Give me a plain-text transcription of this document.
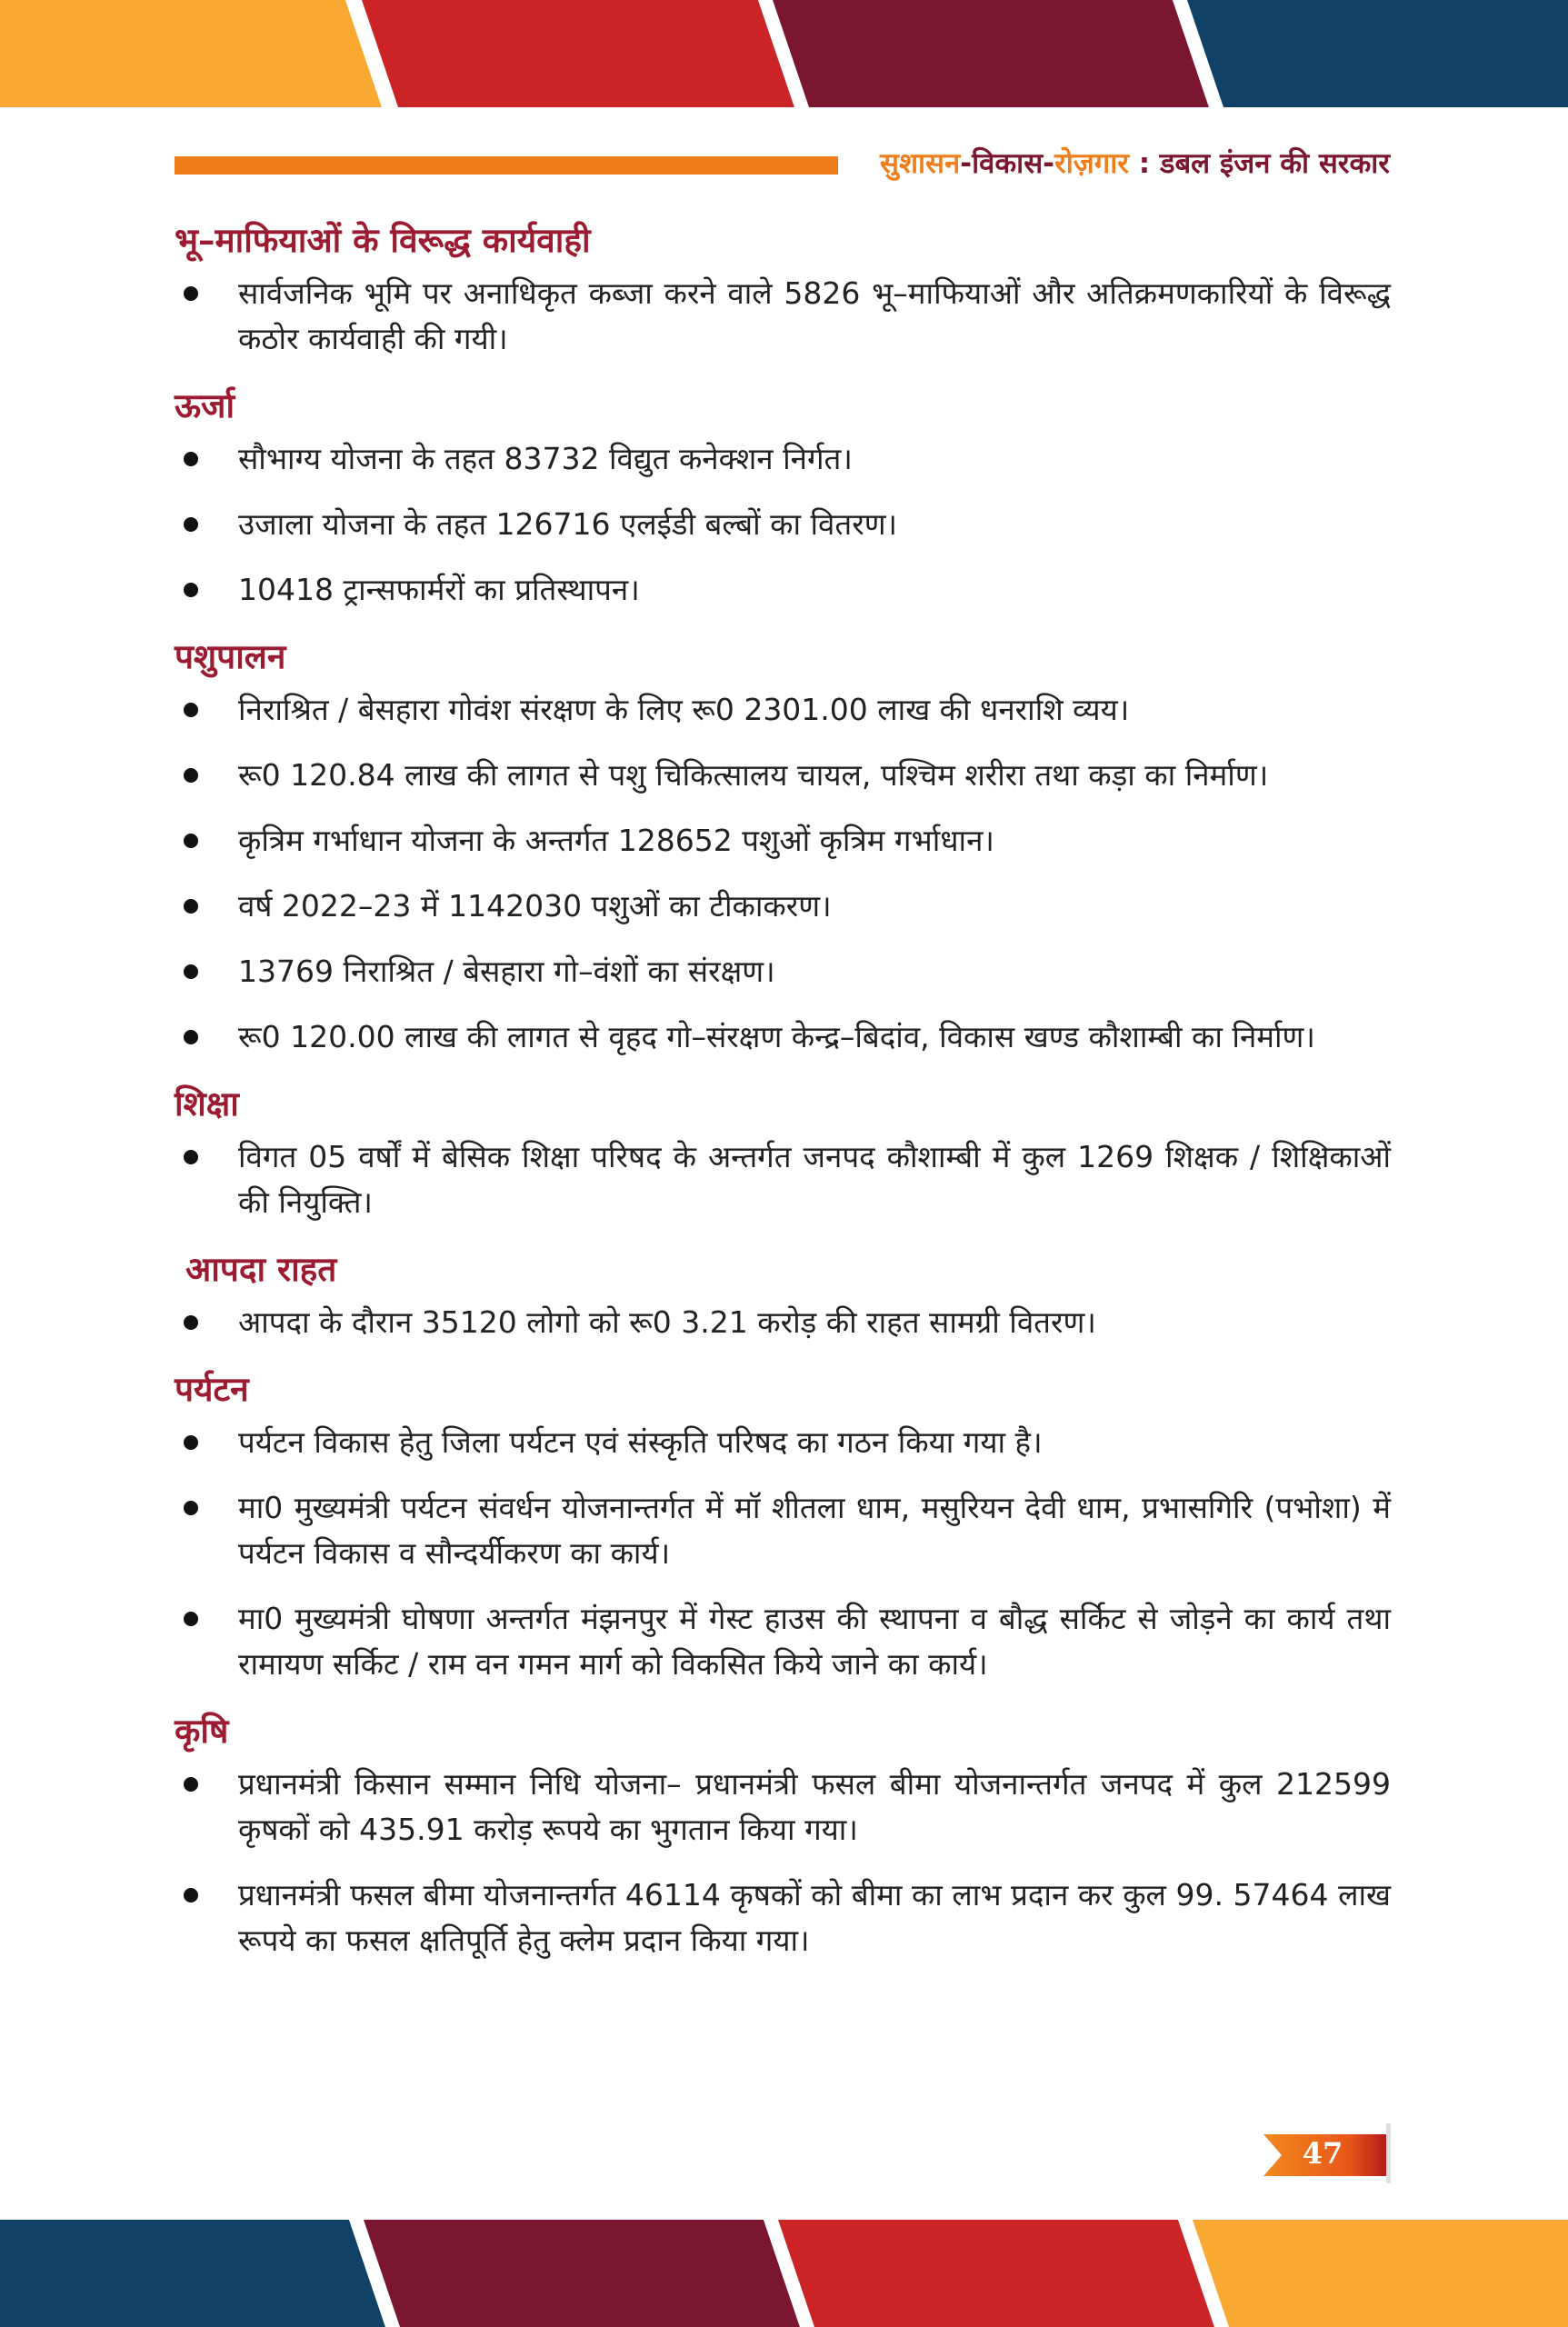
सुशासन-विकास-रोज़गार : डबल इंजन की सरकार
भू–माफियाओं के विरूद्ध कार्यवाही
सार्वजनिक भूमि पर अनाधिकृत कब्जा करने वाले 5826 भू–माफियाओं और अतिक्रमणकारियों के विरूद्ध कठोर कार्यवाही की गयी।
ऊर्जा
सौभाग्य योजना के तहत 83732 विद्युत कनेक्शन निर्गत।
उजाला योजना के तहत 126716 एलईडी बल्बों का वितरण।
10418 ट्रान्सफार्मरों का प्रतिस्थापन।
पशुपालन
निराश्रित / बेसहारा गोवंश संरक्षण के लिए रू0 2301.00 लाख की धनराशि व्यय।
रू0 120.84 लाख की लागत से पशु चिकित्सालय चायल, पश्चिम शरीरा तथा कड़ा का निर्माण।
कृत्रिम गर्भाधान योजना के अन्तर्गत 128652 पशुओं कृत्रिम गर्भाधान।
वर्ष 2022–23 में 1142030 पशुओं का टीकाकरण।
13769 निराश्रित / बेसहारा गो–वंशों का संरक्षण।
रू0 120.00 लाख की लागत से वृहद गो–संरक्षण केन्द्र–बिदांव, विकास खण्ड कौशाम्बी का निर्माण।
शिक्षा
विगत 05 वर्षों में बेसिक शिक्षा परिषद के अन्तर्गत जनपद कौशाम्बी में कुल 1269 शिक्षक / शिक्षिकाओं की नियुक्ति।
आपदा राहत
आपदा के दौरान 35120 लोगो को रू0 3.21 करोड़ की राहत सामग्री वितरण।
पर्यटन
पर्यटन विकास हेतु जिला पर्यटन एवं संस्कृति परिषद का गठन किया गया है।
मा0 मुख्यमंत्री पर्यटन संवर्धन योजनान्तर्गत में मॉ शीतला धाम, मसुरियन देवी धाम, प्रभासगिरि (पभोशा) में पर्यटन विकास व सौन्दर्यीकरण का कार्य।
मा0 मुख्यमंत्री घोषणा अन्तर्गत मंझनपुर में गेस्ट हाउस की स्थापना व बौद्ध सर्किट से जोड़ने का कार्य तथा रामायण सर्किट / राम वन गमन मार्ग को विकसित किये जाने का कार्य।
कृषि
प्रधानमंत्री किसान सम्मान निधि योजना– प्रधानमंत्री फसल बीमा योजनान्तर्गत जनपद में कुल 212599 कृषकों को 435.91 करोड़ रूपये का भुगतान किया गया।
प्रधानमंत्री फसल बीमा योजनान्तर्गत 46114 कृषकों को बीमा का लाभ प्रदान कर कुल 99. 57464 लाख रूपये का फसल क्षतिपूर्ति हेतु क्लेम प्रदान किया गया।
47
